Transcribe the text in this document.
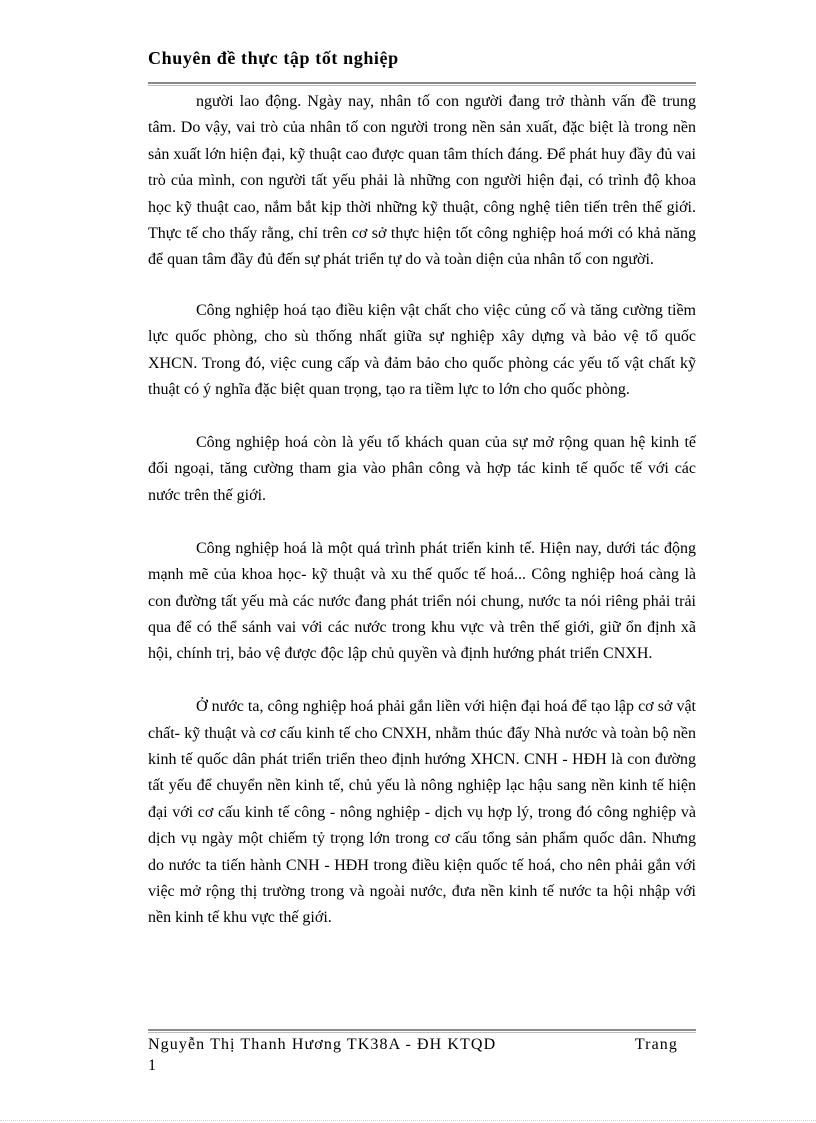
Chuyên đề thực tập tốt nghiệp

người lao động. Ngày nay, nhân tố con người đang trở thành vấn đề trung tâm. Do vậy, vai trò của nhân tố con người trong nền sản xuất, đặc biệt là trong nền sản xuất lớn hiện đại, kỹ thuật cao được quan tâm thích đáng. Để phát huy đầy đủ vai trò của mình, con người tất yếu phải là những con người hiện đại, có trình độ khoa học kỹ thuật cao, nắm bắt kịp thời những kỹ thuật, công nghệ tiên tiến trên thế giới. Thực tế cho thấy rằng, chỉ trên cơ sở thực hiện tốt công nghiệp hoá mới có khả năng để quan tâm đầy đủ đến sự phát triển tự do và toàn diện của nhân tố con người.

Công nghiệp hoá tạo điều kiện vật chất cho việc củng cố và tăng cường tiềm lực quốc phòng, cho sù thống nhất giữa sự nghiệp xây dựng và bảo vệ tổ quốc XHCN. Trong đó, việc cung cấp và đảm bảo cho quốc phòng các yếu tố vật chất kỹ thuật có ý nghĩa đặc biệt quan trọng, tạo ra tiềm lực to lớn cho quốc phòng.

Công nghiệp hoá còn là yếu tố khách quan của sự mở rộng quan hệ kinh tế đối ngoại, tăng cường tham gia vào phân công và hợp tác kinh tế quốc tế với các nước trên thế giới.

Công nghiệp hoá là một quá trình phát triển kinh tế. Hiện nay, dưới tác động mạnh mẽ của khoa học- kỹ thuật và xu thế quốc tế hoá... Công nghiệp hoá càng là con đường tất yếu mà các nước đang phát triển nói chung, nước ta nói riêng phải trải qua để có thể sánh vai với các nước trong khu vực và trên thế giới, giữ ổn định xã hội, chính trị, bảo vệ được độc lập chủ quyền và định hướng phát triển CNXH.

Ở nước ta, công nghiệp hoá phải gắn liền với hiện đại hoá để tạo lập cơ sở vật chất- kỹ thuật và cơ cấu kinh tế cho CNXH, nhằm thúc đẩy Nhà nước và toàn bộ nền kinh tế quốc dân phát triển triển theo định hướng XHCN. CNH - HĐH là con đường tất yếu để chuyển nền kinh tế, chủ yếu là nông nghiệp lạc hậu sang nền kinh tế hiện đại với cơ cấu kinh tế công - nông nghiệp - dịch vụ hợp lý, trong đó công nghiệp và dịch vụ ngày một chiếm tỷ trọng lớn trong cơ cấu tổng sản phẩm quốc dân. Nhưng do nước ta tiến hành CNH - HĐH trong điều kiện quốc tế hoá, cho nên phải gắn với việc mở rộng thị trường trong và ngoài nước, đưa nền kinh tế nước ta hội nhập với nền kinh tế khu vực thế giới.

Nguyễn Thị Thanh Hương TK38A - ĐH KTQD	Trang
1
